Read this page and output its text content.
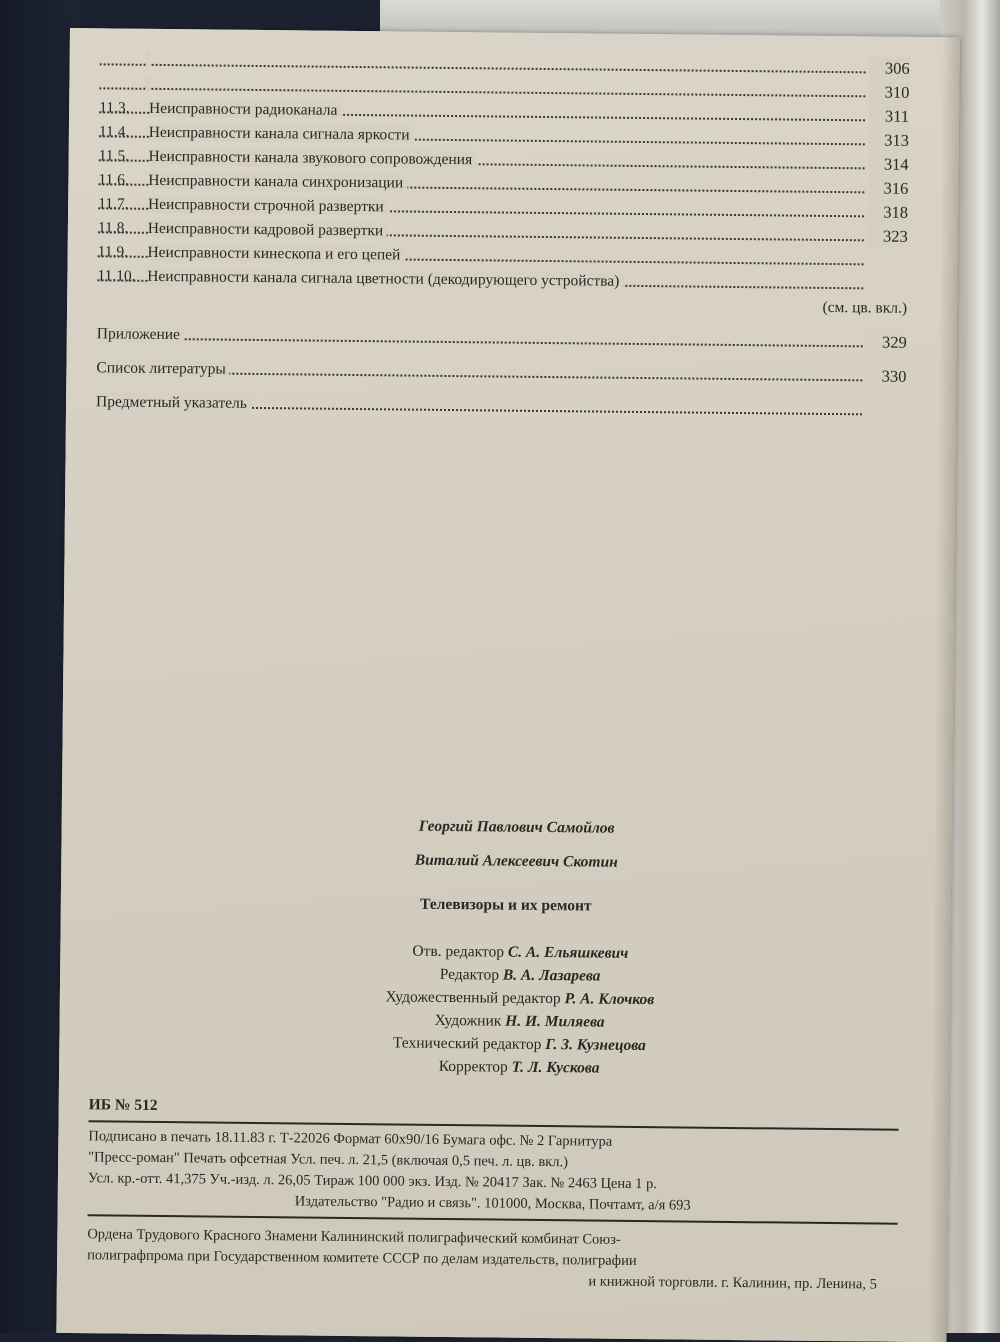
306
310
11.3. Неисправности радиоканала	311
11.4. Неисправности канала сигнала яркости	313
11.5. Неисправности канала звукового сопровождения	314
11.6. Неисправности канала синхронизации	316
11.7. Неисправности строчной развертки	318
11.8. Неисправности кадровой развертки	323
11.9. Неисправности кинескопа и его цепей
11.10. Неисправности канала сигнала цветности (декодирующего устройства)
(см. цв. вкл.)
Приложение	329
Список литературы	330
Предметный указатель
Георгий Павлович Самойлов
Виталий Алексеевич Скотин
Телевизоры и их ремонт
Отв. редактор С. А. Ельяшкевич
Редактор В. А. Лазарева
Художественный редактор Р. А. Клочков
Художник Н. И. Миляева
Технический редактор Г. З. Кузнецова
Корректор Т. Л. Кускова
ИБ № 512
Подписано в печать 18.11.83 г. Т-22026 Формат 60x90/16 Бумага офс. № 2 Гарнитура
"Пресс-роман" Печать офсетная Усл. печ. л. 21,5 (включая 0,5 печ. л. цв. вкл.)
Усл. кр.-отт. 41,375 Уч.-изд. л. 26,05 Тираж 100 000 экз. Изд. № 20417 Зак. № 2463 Цена 1 р.
Издательство "Радио и связь". 101000, Москва, Почтамт, а/я 693
Ордена Трудового Красного Знамени Калининский полиграфический комбинат Союз-
полиграфпрома при Государственном комитете СССР по делам издательств, полиграфии
и книжной торговли. г. Калинин, пр. Ленина, 5
